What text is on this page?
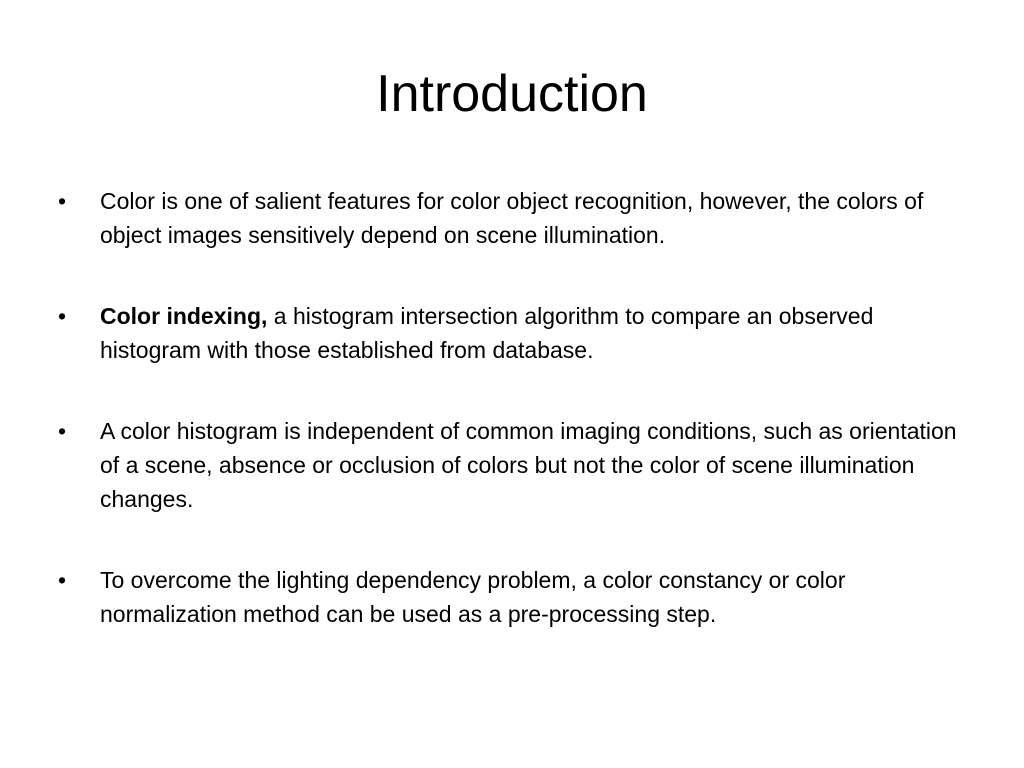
Introduction
• Color is one of salient features for color object recognition, however, the colors of object images sensitively depend on scene illumination.
• Color indexing, a histogram intersection algorithm to compare an observed histogram with those established from database.
• A color histogram is independent of common imaging conditions, such as orientation of a scene, absence or occlusion of colors but not the color of scene illumination changes.
• To overcome the lighting dependency problem, a color constancy or color normalization method can be used as a pre-processing step.
